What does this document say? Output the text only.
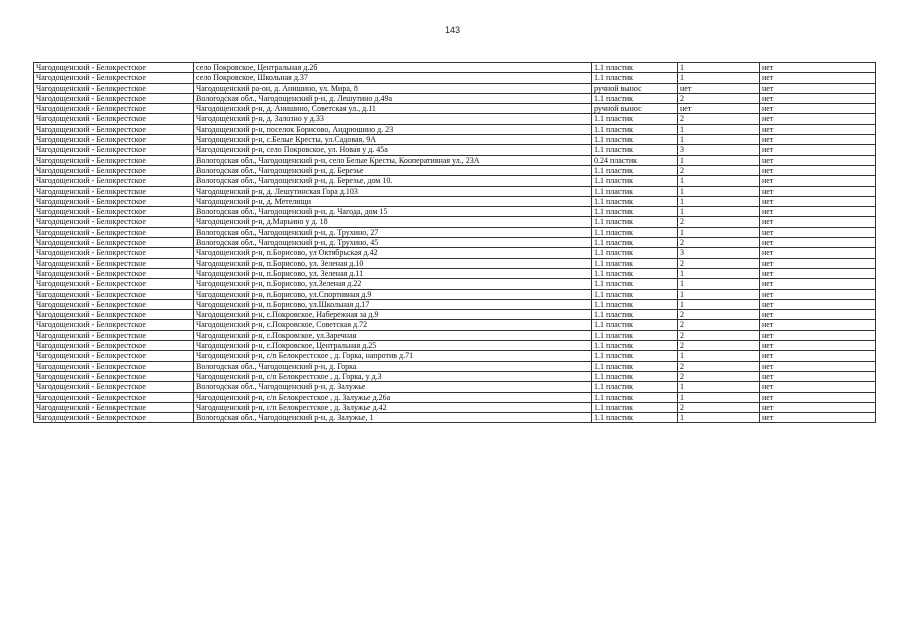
143
Чагодощенский - Белокрестское	село Покровское, Центральная д.2б	1.1 пластик	1	нет
Чагодощенский - Белокрестское	село Покровское, Школьная д.37	1.1 пластик	1	нет
Чагодощенский - Белокрестское	Чагодощенский ра-он, д. Анишино, ул. Мира, 8	ручной вынос	нет	нет
Чагодощенский - Белокрестское	Вологодская обл., Чагодощенский р-н, д. Лешутино д.49а	1.1 пластик	2	нет
Чагодощенский - Белокрестское	Чагодощенский р-н, д. Анишино, Советская ул., д.11	ручной вынос	нет	нет
Чагодощенский - Белокрестское	Чагодощенский р-н, д. Залозно у д.33	1.1 пластик	2	нет
Чагодощенский - Белокрестское	Чагодощенский р-н, поселок Борисово, Андрюшино д. 23	1.1 пластик	1	нет
Чагодощенский - Белокрестское	Чагодощенский р-н, с.Белые Кресты, ул.Садовая, 9А	1.1 пластик	1	нет
Чагодощенский - Белокрестское	Чагодощенский р-н, село Покровское, ул. Новая у д. 45а	1.1 пластик	3	нет
Чагодощенский - Белокрестское	Вологодская обл., Чагодощенский р-н, село Белые Кресты, Кооперативная ул., 23А	0.24 пластик	1	нет
Чагодощенский - Белокрестское	Вологодская обл., Чагодощенский р-н, д. Березье	1.1 пластик	2	нет
Чагодощенский - Белокрестское	Вологодская обл., Чагодощенский р-н, д. Березье, дом 10.	1.1 пластик	1	нет
Чагодощенский - Белокрестское	Чагодощенский р-н, д. Лешутинская Гора д.103	1.1 пластик	1	нет
Чагодощенский - Белокрестское	Чагодощенский р-н, д. Метелищи	1.1 пластик	1	нет
Чагодощенский - Белокрестское	Вологодская обл., Чагодощенский р-н, д. Чагода, дом 15	1.1 пластик	1	нет
Чагодощенский - Белокрестское	Чагодощенский р-н, д.Марьино у д. 18	1.1 пластик	2	нет
Чагодощенский - Белокрестское	Вологодская обл., Чагодощенский р-н, д. Трухино, 27	1.1 пластик	1	нет
Чагодощенский - Белокрестское	Вологодская обл., Чагодощенский р-н, д. Трухино, 45	1.1 пластик	2	нет
Чагодощенский - Белокрестское	Чагодощенский р-н, п.Борисово, ул Октябрьская д.42	1.1 пластик	3	нет
Чагодощенский - Белокрестское	Чагодощенский р-н, п.Борисово, ул. Зеленая д.10	1.1 пластик	2	нет
Чагодощенский - Белокрестское	Чагодощенский р-н, п.Борисово, ул. Зеленая д.11	1.1 пластик	1	нет
Чагодощенский - Белокрестское	Чагодощенский р-н, п.Борисово, ул.Зеленая д.22	1.1 пластик	1	нет
Чагодощенский - Белокрестское	Чагодощенский р-н, п.Борисово, ул.Спортивная д.9	1.1 пластик	1	нет
Чагодощенский - Белокрестское	Чагодощенский р-н, п.Борисово, ул.Школьная д.17	1.1 пластик	1	нет
Чагодощенский - Белокрестское	Чагодощенский р-н, с.Покровское, Набережная за д.9	1.1 пластик	2	нет
Чагодощенский - Белокрестское	Чагодощенский р-н, с.Покровское, Советская д.72	1.1 пластик	2	нет
Чагодощенский - Белокрестское	Чагодощенский р-н, с.Покровское, ул.Заречная	1.1 пластик	2	нет
Чагодощенский - Белокрестское	Чагодощенский р-н, с.Покровское, Центральная д.25	1.1 пластик	2	нет
Чагодощенский - Белокрестское	Чагодощенский р-н, с/п Белокрестское , д. Горка, напротив д.71	1.1 пластик	1	нет
Чагодощенский - Белокрестское	Вологодская обл., Чагодощенский р-н, д. Горка	1.1 пластик	2	нет
Чагодощенский - Белокрестское	Чагодощенский р-н, с/п Белокрестское , д. Горка, у д.3	1.1 пластик	2	нет
Чагодощенский - Белокрестское	Вологодская обл., Чагодощенский р-н, д. Залужье	1.1 пластик	1	нет
Чагодощенский - Белокрестское	Чагодощенский р-н, с/п Белокрестское , д. Залужье д.26а	1.1 пластик	1	нет
Чагодощенский - Белокрестское	Чагодощенский р-н, с/п Белокрестское , д. Залужье д.42	1.1 пластик	2	нет
Чагодощенский - Белокрестское	Вологодская обл., Чагодощенский р-н, д. Залужье, 1	1.1 пластик	1	нет
